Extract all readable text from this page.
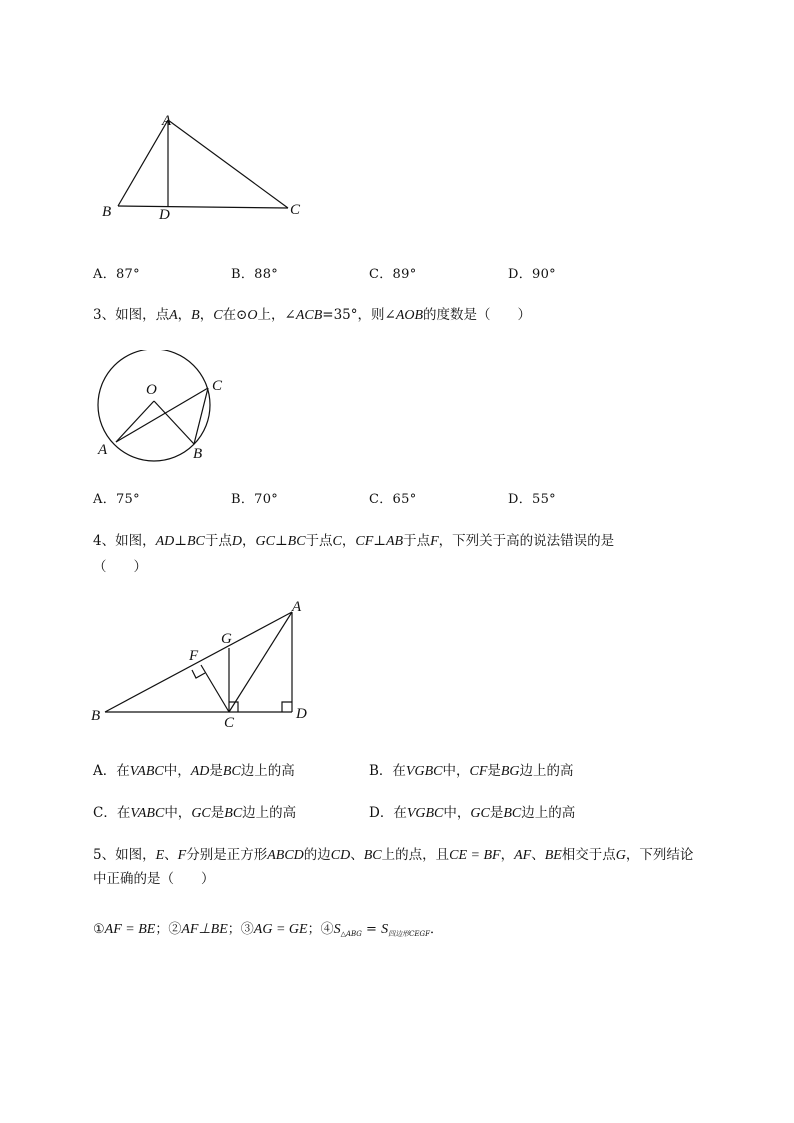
A
B	D	C
A．87°	B．88°	C．89°	D．90°
3、如图，点A，B，C在⊙O上，∠ACB=35°，则∠AOB的度数是（　　）
O
A	B
C
A．75°	B．70°	C．65°	D．55°
4、如图，AD⊥BC于点D，GC⊥BC于点C，CF⊥AB于点F，下列关于高的说法错误的是
（　　）
B	C
D
A
G
F
A．在VABC中，AD是BC边上的高	B．在VGBC中，CF是BG边上的高
C．在VABC中，GC是BC边上的高	D．在VGBC中，GC是BC边上的高
5、如图，E、F分别是正方形ABCD的边CD、BC上的点，且CE = BF，AF、BE相交于点G，下列结论
中正确的是（　　）
①AF = BE；②AF⊥BE；③AG = GE；$④S_{\triangle ABG} = S_{四边形CEGF}$．
